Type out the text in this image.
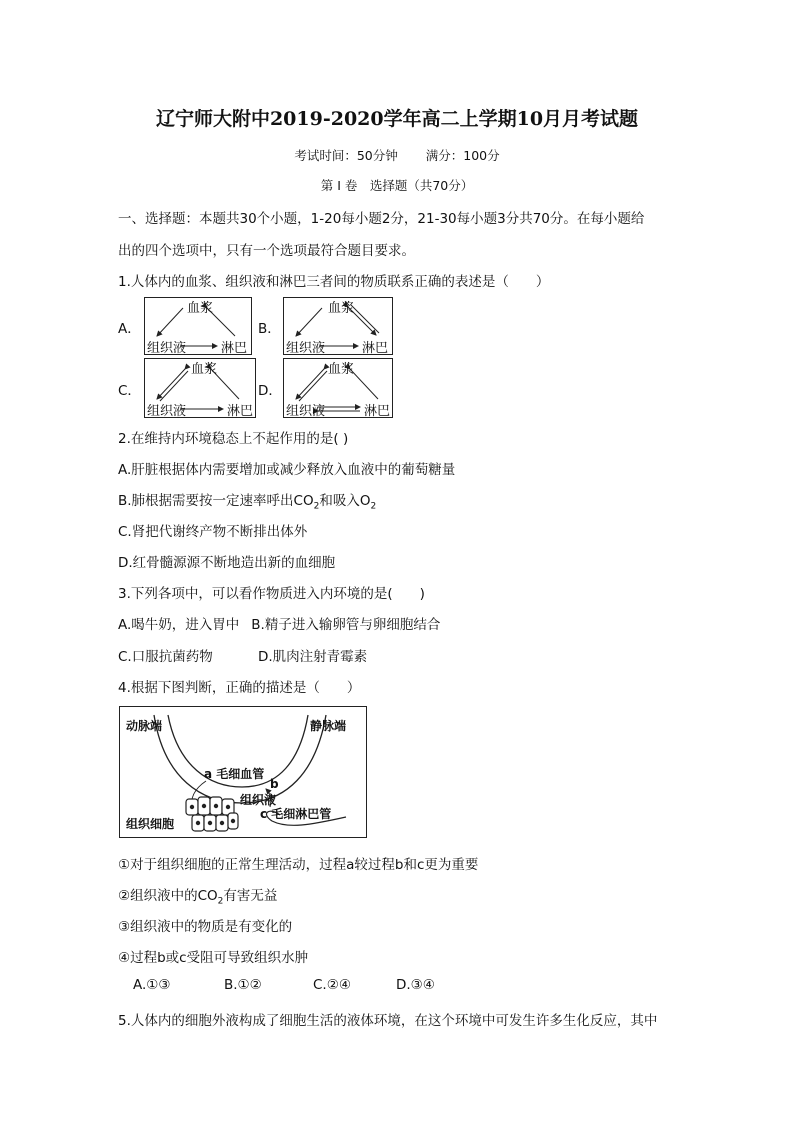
辽宁师大附中2019-2020学年高二上学期10月月考试题
考试时间：50分钟 满分：100分
第 Ⅰ 卷　选择题（共70分）
一、选择题：本题共30个小题，1-20每小题2分，21-30每小题3分共70分。在每小题给
出的四个选项中，只有一个选项最符合题目要求。
1.人体内的血浆、组织液和淋巴三者间的物质联系正确的表述是（　　）
A．
血浆
组织液	淋巴
B．
血浆
组织液	淋巴
C．
血浆
组织液	淋巴
D．
血浆
组织液	淋巴
2.在维持内环境稳态上不起作用的是( )
A.肝脏根据体内需要增加或减少释放入血液中的葡萄糖量
B.肺根据需要按一定速率呼出$CO_2$和吸入$O_2$
C.肾把代谢终产物不断排出体外
D.红骨髓源源不断地造出新的血细胞
3.下列各项中，可以看作物质进入内环境的是(　　)
A.喝牛奶，进入胃中 B.精子进入输卵管与卵细胞结合
C.口服抗菌药物	D.肌肉注射青霉素
4.根据下图判断，正确的描述是（　　）
动脉端	静脉端
a 毛细血管
b
组织液
c 毛细淋巴管
组织细胞
①对于组织细胞的正常生理活动，过程a较过程b和c更为重要
②组织液中的$CO_2$有害无益
③组织液中的物质是有变化的
④过程b或c受阻可导致组织水肿
A.①③	B.①②	C.②④	D.③④
5.人体内的细胞外液构成了细胞生活的液体环境，在这个环境中可发生许多生化反应，其中
